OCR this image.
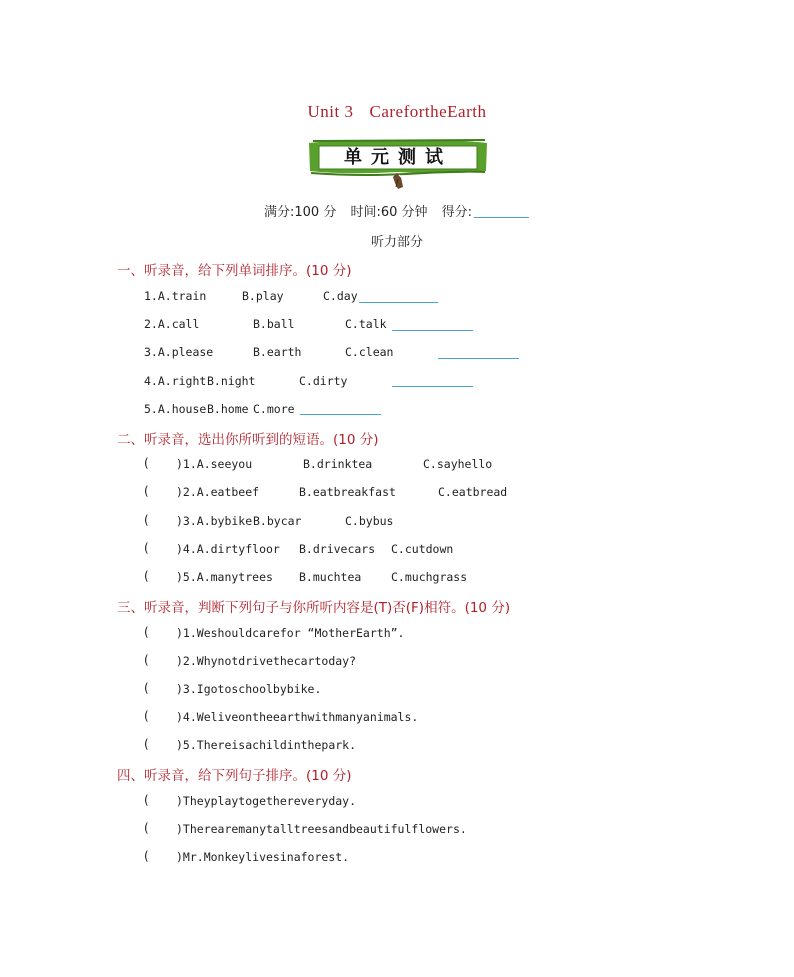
Unit 3 CarefortheEarth
单元测试
满分:100 分 时间:60 分钟 得分:
听力部分
一、听录音，给下列单词排序。(10 分)
1.A.train	B.play	C.day
2.A.call	B.ball	C.talk
3.A.please	B.earth	C.clean
4.A.right B.night	C.dirty
5.A.house B.home C.more
二、听录音，选出你所听到的短语。(10 分)
( )1.A.seeyou	B.drinktea	C.sayhello
( )2.A.eatbeef	B.eatbreakfast	C.eatbread
( )3.A.bybike B.bycar	C.bybus
( )4.A.dirtyfloor B.drivecars C.cutdown
( )5.A.manytrees B.muchtea	C.muchgrass
三、听录音，判断下列句子与你所听内容是(T)否(F)相符。(10 分)
( )1.Weshouldcarefor “MotherEarth”.
( )2.Whynotdrivethecartoday?
( )3.Igotoschoolbybike.
( )4.Weliveontheearthwithmanyanimals.
( )5.Thereisachildinthepark.
四、听录音，给下列句子排序。(10 分)
( )Theyplaytogethereveryday.
( )Therearemanytalltreesandbeautifulflowers.
( )Mr.Monkeylivesinaforest.
